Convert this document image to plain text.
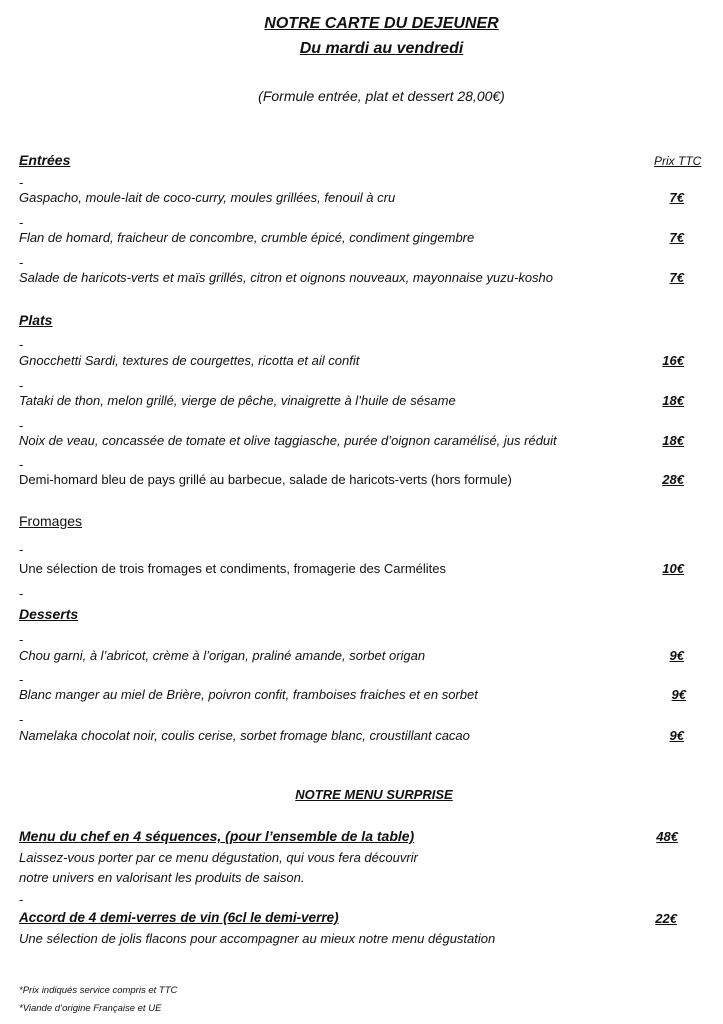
NOTRE CARTE DU DEJEUNER
Du mardi au vendredi
(Formule entrée, plat et dessert 28,00€)
Entrées	Prix TTC
-
Gaspacho, moule-lait de coco-curry, moules grillées, fenouil à cru	7€
-
Flan de homard, fraicheur de concombre, crumble épicé, condiment gingembre	7€
-
Salade de haricots-verts et maïs grillés, citron et oignons nouveaux, mayonnaise yuzu-kosho	7€
Plats
-
Gnocchetti Sardi, textures de courgettes, ricotta et ail confit	16€
-
Tataki de thon, melon grillé, vierge de pêche, vinaigrette à l’huile de sésame	18€
-
Noix de veau, concassée de tomate et olive taggiasche, purée d’oignon caramélisé, jus réduit	18€
-
Demi-homard bleu de pays grillé au barbecue, salade de haricots-verts (hors formule)	28€
Fromages
-
Une sélection de trois fromages et condiments, fromagerie des Carmélites	10€
-
Desserts
-
Chou garni, à l’abricot, crème à l’origan, praliné amande, sorbet origan	9€
-
Blanc manger au miel de Brière, poivron confit, framboises fraiches et en sorbet	9€
-
Namelaka chocolat noir, coulis cerise, sorbet fromage blanc, croustillant cacao	9€
NOTRE MENU SURPRISE
Menu du chef en 4 séquences, (pour l’ensemble de la table)	48€
Laissez-vous porter par ce menu dégustation, qui vous fera découvrir
notre univers en valorisant les produits de saison.
-
Accord de 4 demi-verres de vin (6cl le demi-verre)	22€
Une sélection de jolis flacons pour accompagner au mieux notre menu dégustation
*Prix indiqués service compris et TTC
*Viande d’origine Française et UE
